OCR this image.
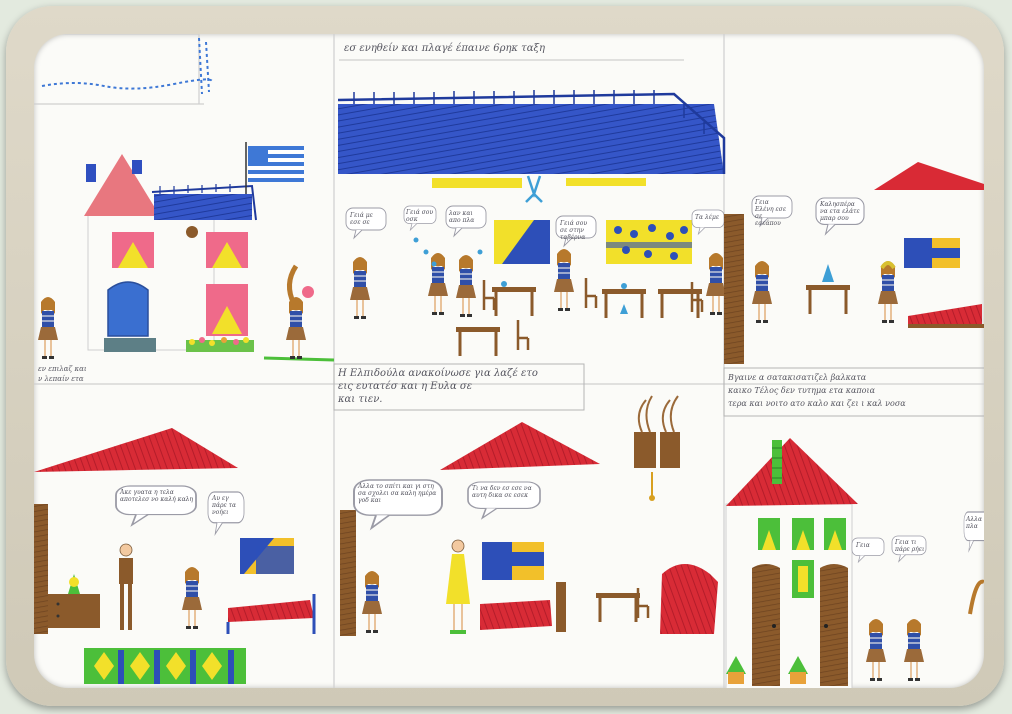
εσ ενηθείν και πλαγέ έπαινε 6ρηκ ταξη

εν επιλαζ και
ν λεπαίν ετα	Η Ελπιδούλα ανακοίνωσε για λαζέ ετο
εις ευτατέσ και η Ευλα σε
και τιεν.

Βγαινε α σατακισατιζελ βαλκατα
καικο Τέλος δεν τυτημα ετα καποια
τερα και νοιτο ατο καλο και ζει ι καλ νοσα

Γειά με εσε σε

Γειά σου οσκ

λαν και απο πλα	Γειά σου σε στην ταβέρνα

Τα λέμε

Γεια Ελένη εσε σε εσεάπου

Καλησπέρα να ετα ελάτε μπαρ σου

Άκε γυατα η τελα αποτελεσ νο καλή καλη	Αυ εγ πάρε τα νοήει

Αλλα το σπίτι και γι στη σα σχολει σα καλη ημέρα γοδ και

Τι να δεν εσ εσε να αυτη δικα σε εσεκ

Γεια	Γεια τι πάρε ρήει

Αλλα πλα
